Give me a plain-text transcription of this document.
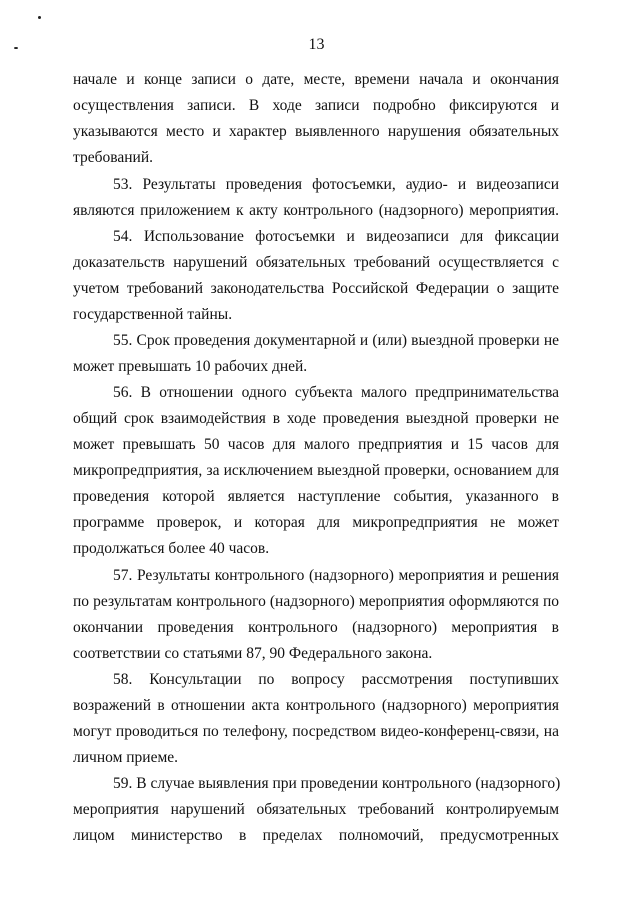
13
начале и конце записи о дате, месте, времени начала и окончания
осуществления записи. В ходе записи подробно фиксируются и
указываются место и характер выявленного нарушения обязательных
требований.
53. Результаты проведения фотосъемки, аудио- и видеозаписи
являются приложением к акту контрольного (надзорного) мероприятия.
54. Использование фотосъемки и видеозаписи для фиксации
доказательств нарушений обязательных требований осуществляется с
учетом требований законодательства Российской Федерации о защите
государственной тайны.
55. Срок проведения документарной и (или) выездной проверки не
может превышать 10 рабочих дней.
56. В отношении одного субъекта малого предпринимательства
общий срок взаимодействия в ходе проведения выездной проверки не
может превышать 50 часов для малого предприятия и 15 часов для
микропредприятия, за исключением выездной проверки, основанием для
проведения которой является наступление события, указанного в
программе проверок, и которая для микропредприятия не может
продолжаться более 40 часов.
57. Результаты контрольного (надзорного) мероприятия и решения
по результатам контрольного (надзорного) мероприятия оформляются по
окончании проведения контрольного (надзорного) мероприятия в
соответствии со статьями 87, 90 Федерального закона.
58. Консультации по вопросу рассмотрения поступивших
возражений в отношении акта контрольного (надзорного) мероприятия
могут проводиться по телефону, посредством видео-конференц-связи, на
личном приеме.
59. В случае выявления при проведении контрольного (надзорного)
мероприятия нарушений обязательных требований контролируемым
лицом министерство в пределах полномочий, предусмотренных
